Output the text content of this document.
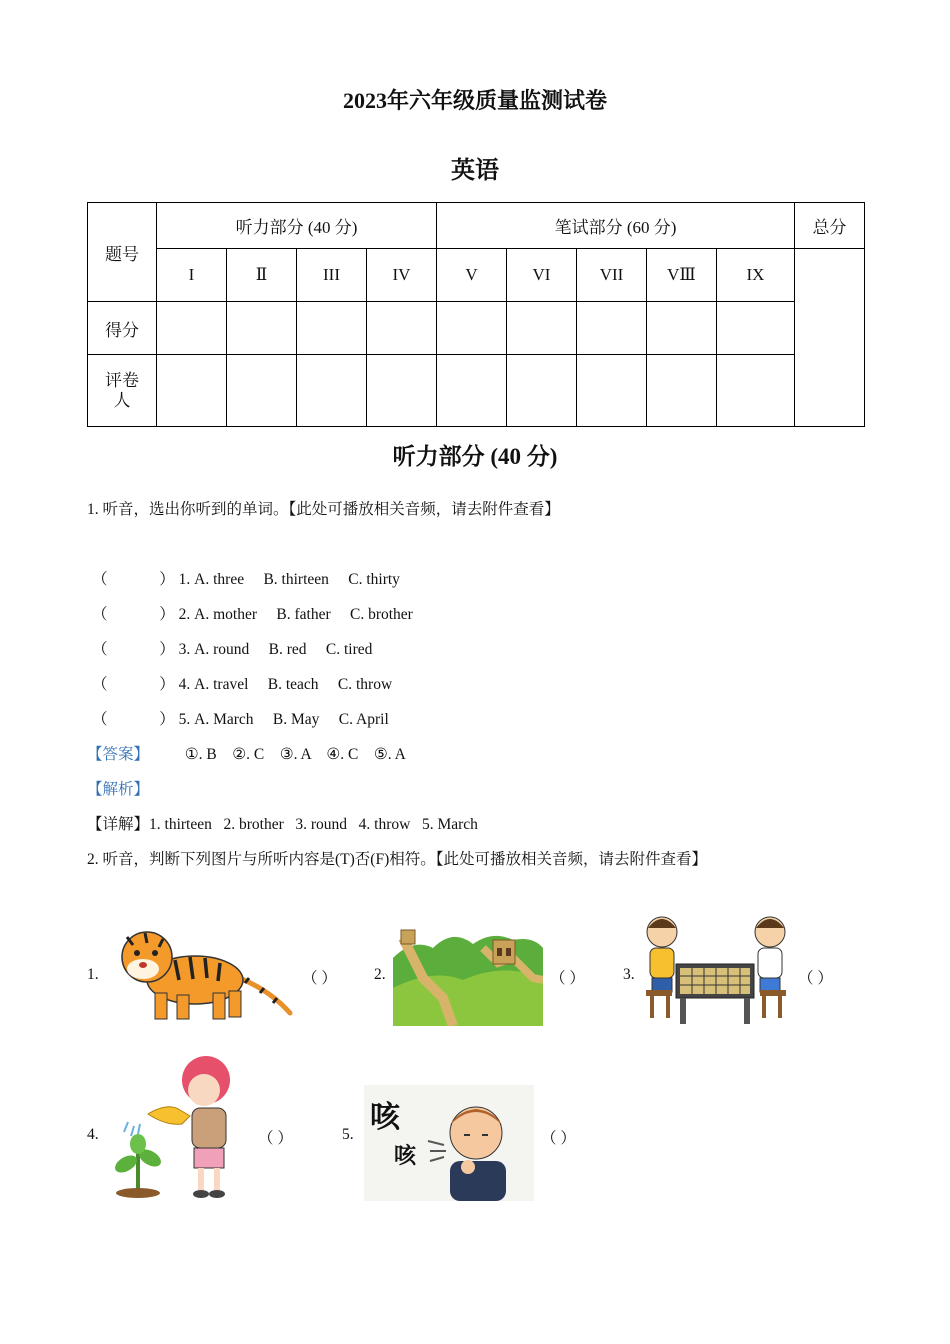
2023年六年级质量监测试卷
英语
题号	听力部分 (40 分)				笔试部分 (60 分)					总分
	I	Ⅱ	III	IV	V	VI	VII	VⅢ	IX	
得分										
评卷
人										
听力部分 (40 分)
1. 听音，选出你听到的单词。【此处可播放相关音频，请去附件查看】
（	） 1. A. three     B. thirteen     C. thirty
（	） 2. A. mother     B. father     C. brother
（	） 3. A. round     B. red     C. tired
（	） 4. A. travel     B. teach     C. throw
（	） 5. A. March     B. May     C. April
【答案】 ①. B    ②. C    ③. A    ④. C    ⑤. A
【解析】
【详解】1. thirteen   2. brother   3. round   4. throw   5. March
2. 听音，判断下列图片与所听内容是(T)否(F)相符。【此处可播放相关音频，请去附件查看】
1.	（ ） 2.	（ ） 3.	（ ）
4.	（ ）	5. 咳
咳
（ ）
